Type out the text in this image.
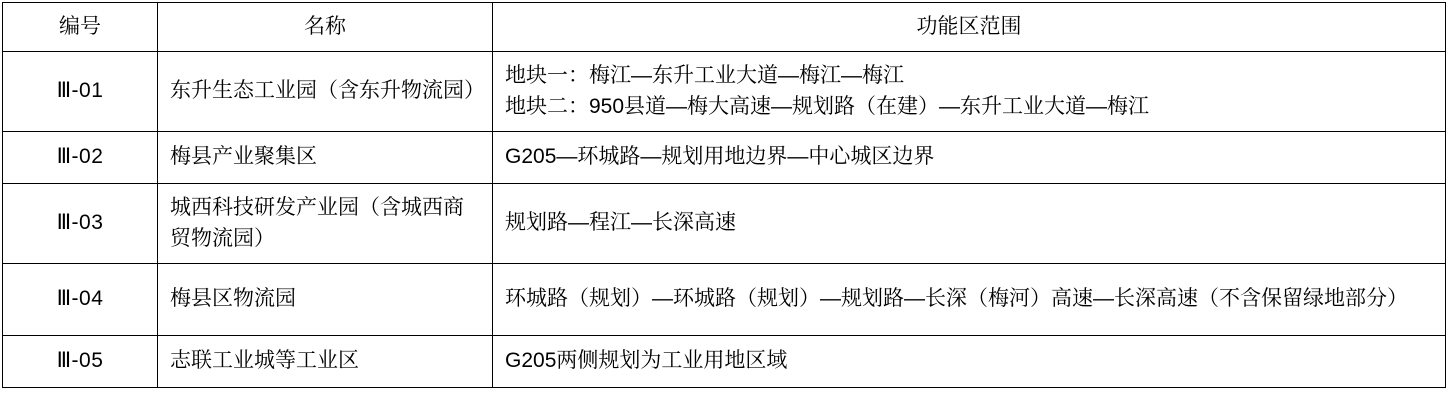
编号	名称	功能区范围
Ⅲ-01	东升生态工业园（含东升物流园）	地块一：梅江—东升工业大道—梅江—梅江
地块二：950县道—梅大高速—规划路（在建）—东升工业大道—梅江

Ⅲ-02	梅县产业聚集区	G205—环城路—规划用地边界—中心城区边界

Ⅲ-03	城西科技研发产业园（含城西商贸物流园）	规划路—程江—长深高速

Ⅲ-04	梅县区物流园	环城路（规划）—环城路（规划）—规划路—长深（梅河）高速—长深高速（不含保留绿地部分）

Ⅲ-05	志联工业城等工业区	G205两侧规划为工业用地区域
